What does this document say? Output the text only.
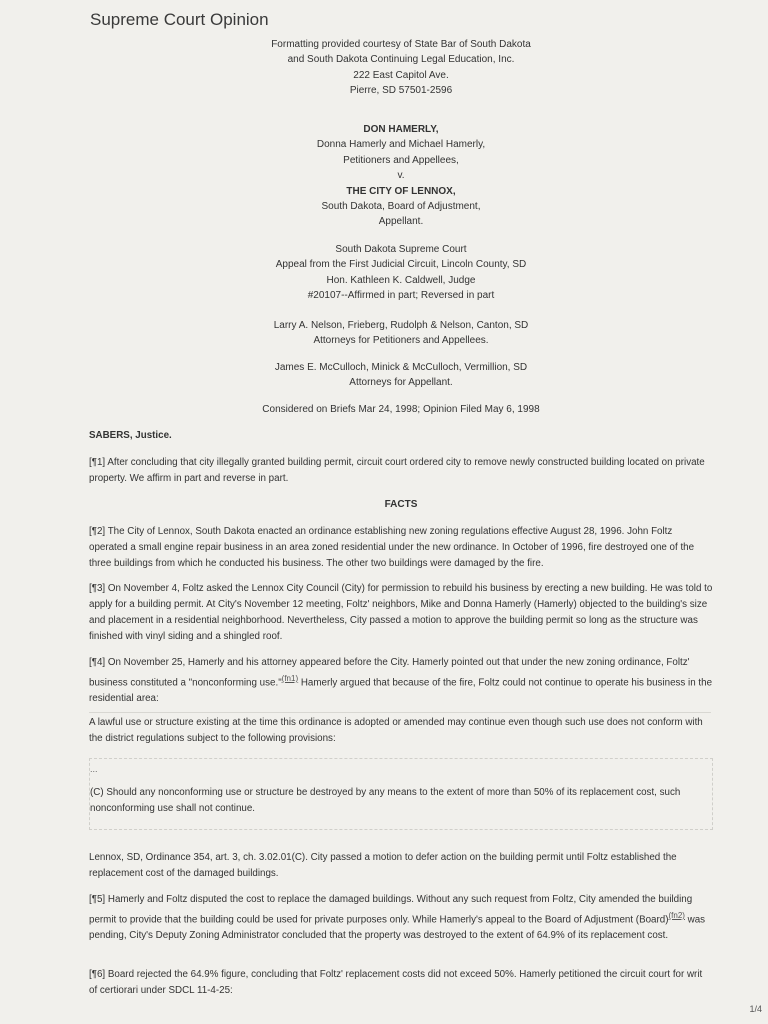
Supreme Court Opinion
Formatting provided courtesy of State Bar of South Dakota
and South Dakota Continuing Legal Education, Inc.
222 East Capitol Ave.
Pierre, SD 57501-2596
DON HAMERLY,
Donna Hamerly and Michael Hamerly,
Petitioners and Appellees,
v.
THE CITY OF LENNOX,
South Dakota, Board of Adjustment,
Appellant.
South Dakota Supreme Court
Appeal from the First Judicial Circuit, Lincoln County, SD
Hon. Kathleen K. Caldwell, Judge
#20107--Affirmed in part; Reversed in part
Larry A. Nelson, Frieberg, Rudolph & Nelson, Canton, SD
Attorneys for Petitioners and Appellees.
James E. McCulloch, Minick & McCulloch, Vermillion, SD
Attorneys for Appellant.
Considered on Briefs Mar 24, 1998; Opinion Filed May 6, 1998
SABERS, Justice.
[¶1] After concluding that city illegally granted building permit, circuit court ordered city to remove newly constructed building located on private property. We affirm in part and reverse in part.
FACTS
[¶2] The City of Lennox, South Dakota enacted an ordinance establishing new zoning regulations effective August 28, 1996. John Foltz operated a small engine repair business in an area zoned residential under the new ordinance. In October of 1996, fire destroyed one of the three buildings from which he conducted his business. The other two buildings were damaged by the fire.
[¶3] On November 4, Foltz asked the Lennox City Council (City) for permission to rebuild his business by erecting a new building. He was told to apply for a building permit. At City's November 12 meeting, Foltz' neighbors, Mike and Donna Hamerly (Hamerly) objected to the building's size and placement in a residential neighborhood. Nevertheless, City passed a motion to approve the building permit so long as the structure was finished with vinyl siding and a shingled roof.
[¶4] On November 25, Hamerly and his attorney appeared before the City. Hamerly pointed out that under the new zoning ordinance, Foltz' business constituted a "nonconforming use."$^{(fn1)}$ Hamerly argued that because of the fire, Foltz could not continue to operate his business in the residential area:
A lawful use or structure existing at the time this ordinance is adopted or amended may continue even though such use does not conform with the district regulations subject to the following provisions:
...
(C) Should any nonconforming use or structure be destroyed by any means to the extent of more than 50% of its replacement cost, such nonconforming use shall not continue.
Lennox, SD, Ordinance 354, art. 3, ch. 3.02.01(C). City passed a motion to defer action on the building permit until Foltz established the replacement cost of the damaged buildings.
[¶5] Hamerly and Foltz disputed the cost to replace the damaged buildings. Without any such request from Foltz, City amended the building permit to provide that the building could be used for private purposes only. While Hamerly's appeal to the Board of Adjustment (Board)$^{(fn2)}$ was pending, City's Deputy Zoning Administrator concluded that the property was destroyed to the extent of 64.9% of its replacement cost.
[¶6] Board rejected the 64.9% figure, concluding that Foltz' replacement costs did not exceed 50%. Hamerly petitioned the circuit court for writ of certiorari under SDCL 11-4-25:
1/4
